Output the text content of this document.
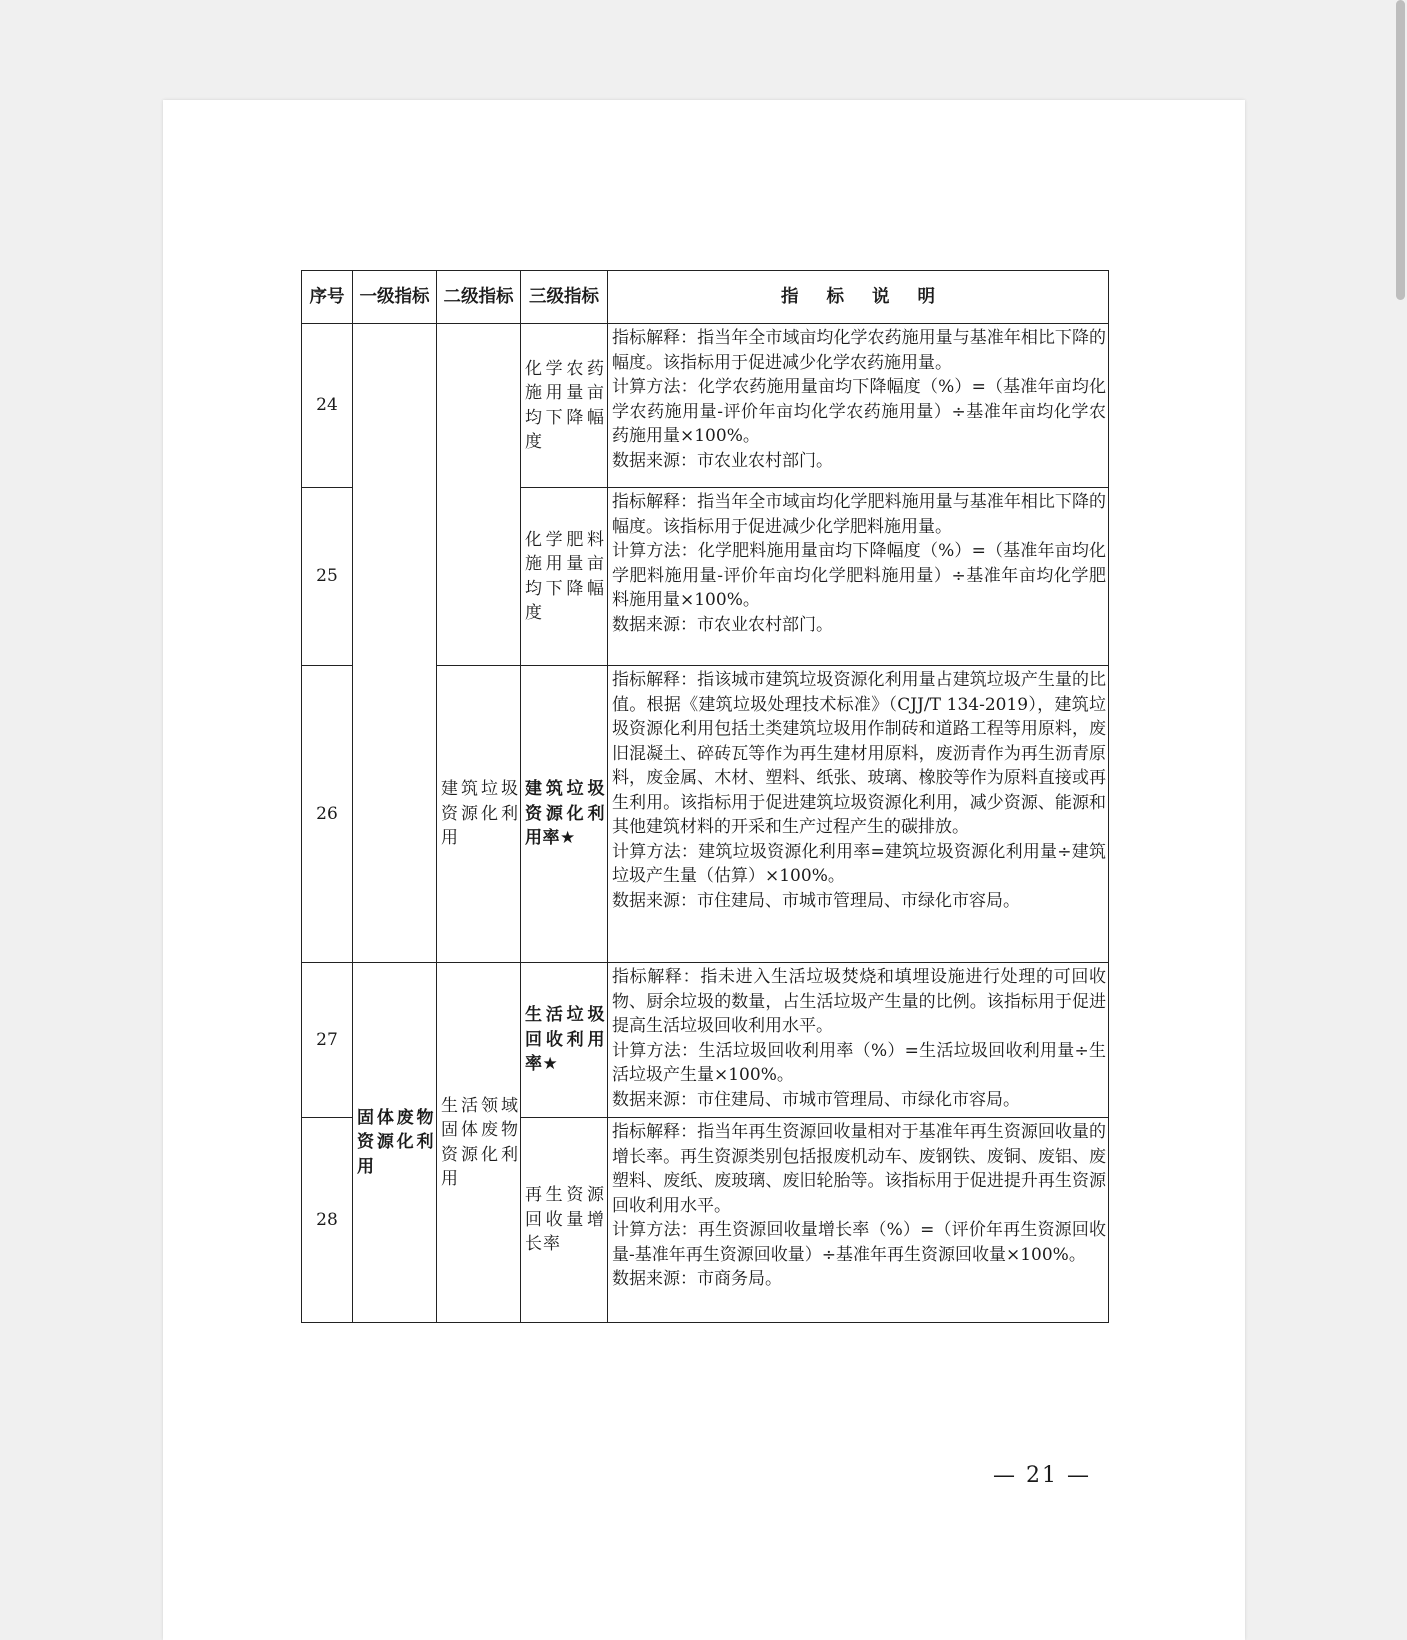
序号	一级指标	二级指标	三级指标	指标说明
24			化学农药施用量亩均下降幅度	指标解释：指当年全市域亩均化学农药施用量与基准年相比下降的幅度。该指标用于促进减少化学农药施用量。

计算方法：化学农药施用量亩均下降幅度（%）=（基准年亩均化学农药施用量-评价年亩均化学农药施用量）÷基准年亩均化学农药施用量×100%。

数据来源：市农业农村部门。

25			化学肥料施用量亩均下降幅度	指标解释：指当年全市域亩均化学肥料施用量与基准年相比下降的幅度。该指标用于促进减少化学肥料施用量。

计算方法：化学肥料施用量亩均下降幅度（%）=（基准年亩均化学肥料施用量-评价年亩均化学肥料施用量）÷基准年亩均化学肥料施用量×100%。

数据来源：市农业农村部门。

26		建筑垃圾资源化利用	建筑垃圾资源化利用率★	指标解释：指该城市建筑垃圾资源化利用量占建筑垃圾产生量的比值。根据《建筑垃圾处理技术标准》（CJJ/T 134-2019），建筑垃圾资源化利用包括土类建筑垃圾用作制砖和道路工程等用原料，废旧混凝土、碎砖瓦等作为再生建材用原料，废沥青作为再生沥青原料，废金属、木材、塑料、纸张、玻璃、橡胶等作为原料直接或再生利用。该指标用于促进建筑垃圾资源化利用，减少资源、能源和其他建筑材料的开采和生产过程产生的碳排放。

计算方法：建筑垃圾资源化利用率=建筑垃圾资源化利用量÷建筑垃圾产生量（估算）×100%。

数据来源：市住建局、市城市管理局、市绿化市容局。

27	固体废物资源化利用	生活领域固体废物资源化利用	生活垃圾回收利用率★	指标解释：指未进入生活垃圾焚烧和填埋设施进行处理的可回收物、厨余垃圾的数量，占生活垃圾产生量的比例。该指标用于促进提高生活垃圾回收利用水平。

计算方法：生活垃圾回收利用率（%）=生活垃圾回收利用量÷生活垃圾产生量×100%。

数据来源：市住建局、市城市管理局、市绿化市容局。

28			再生资源回收量增长率	指标解释：指当年再生资源回收量相对于基准年再生资源回收量的增长率。再生资源类别包括报废机动车、废钢铁、废铜、废铝、废塑料、废纸、废玻璃、废旧轮胎等。该指标用于促进提升再生资源回收利用水平。

计算方法：再生资源回收量增长率（%）=（评价年再生资源回收量-基准年再生资源回收量）÷基准年再生资源回收量×100%。

数据来源：市商务局。

— 21 —
